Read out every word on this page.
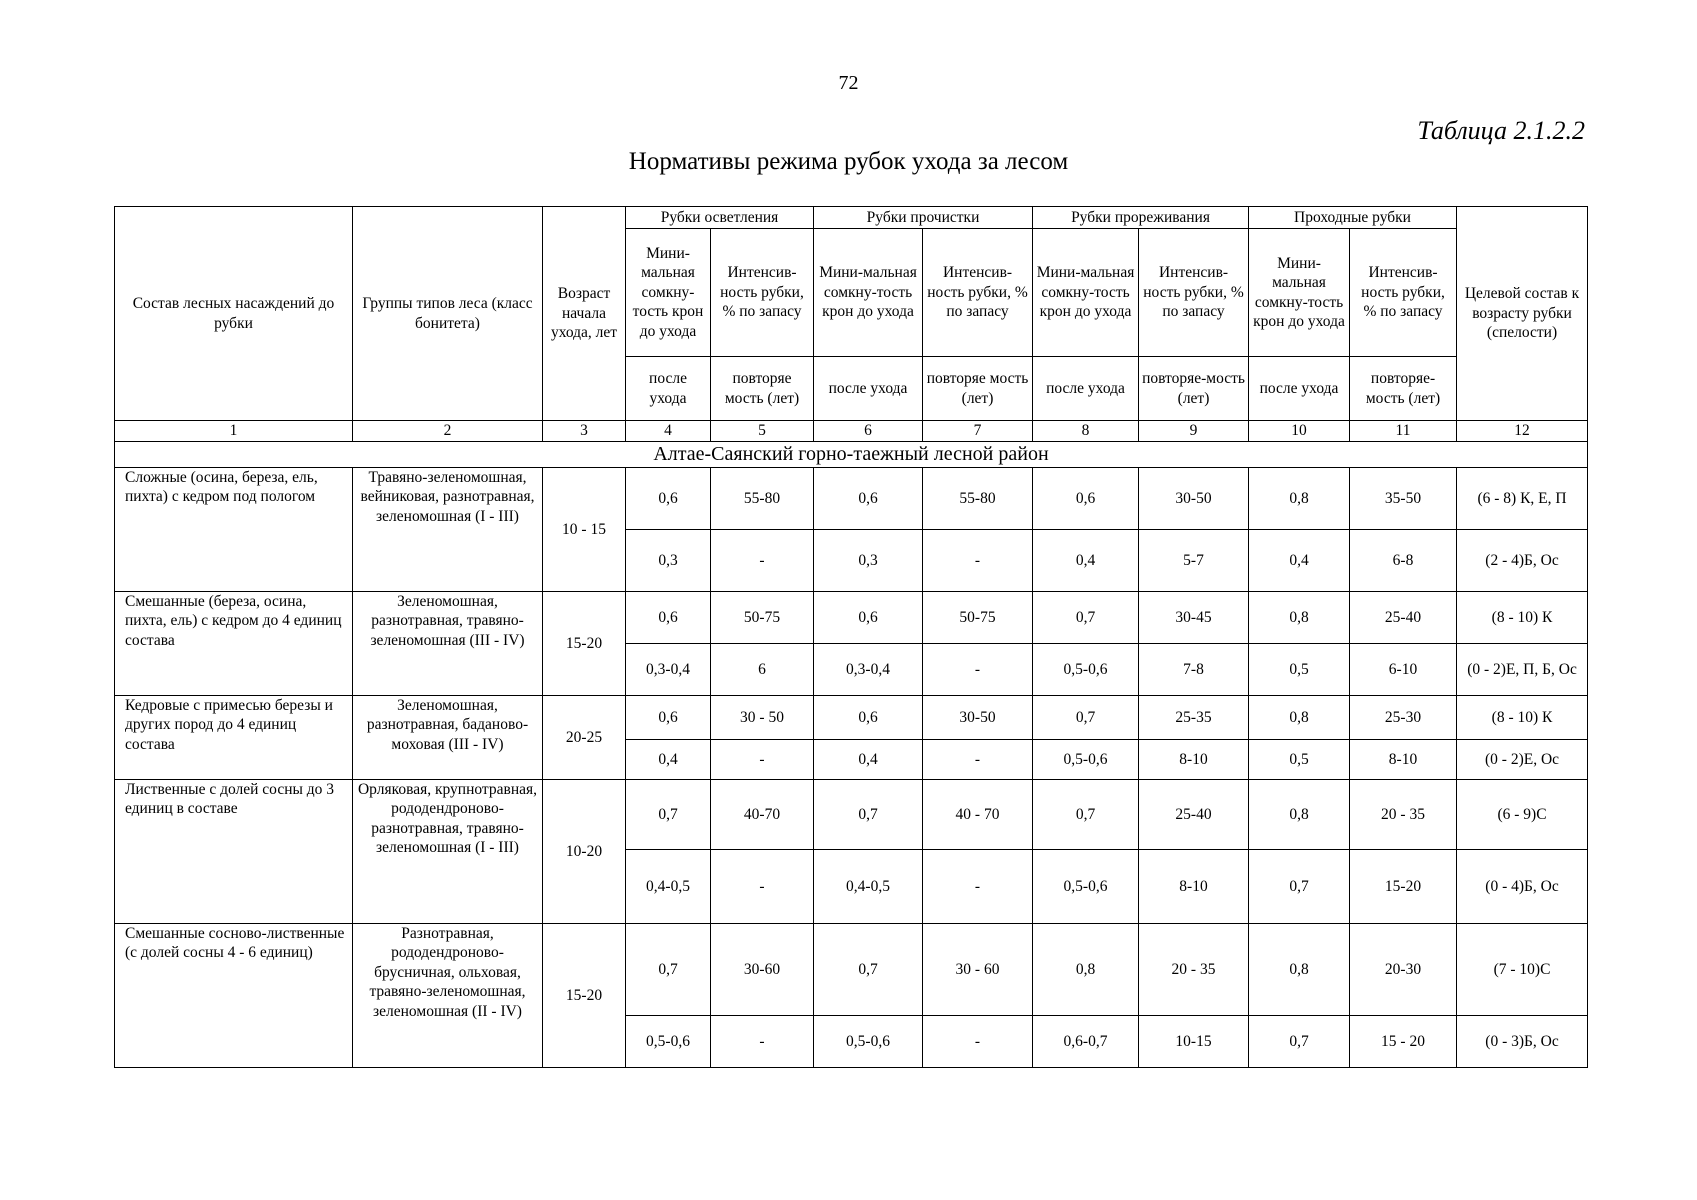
72
Таблица 2.1.2.2
Нормативы режима рубок ухода за лесом
Состав лесных насаждений до рубки	Группы типов леса (класс бонитета)	Возраст начала ухода, лет	Рубки осветления		Рубки прочистки		Рубки прореживания		Проходные рубки		Целевой состав к возрасту рубки (спелости)
			Мини-мальная сомкну-тость крон до ухода	Интенсив-ность рубки, % по запасу	Мини-мальная сомкну-тость крон до ухода	Интенсив-ность рубки, % по запасу	Мини-мальная сомкну-тость крон до ухода	Интенсив-ность рубки, % по запасу	Мини-мальная сомкну-тость крон до ухода	Интенсив-ность рубки, % по запасу	
			после ухода	повторяе мость (лет)	после ухода	повторяе мость (лет)	после ухода	повторяе-мость (лет)	после ухода	повторяе-мость (лет)	
1	2	3	4	5	6	7	8	9	10	11	12
Алтае-Саянский горно-таежный лесной район											
Сложные (осина, береза, ель, пихта) с кедром под пологом	Травяно-зеленомошная, вейниковая, разнотравная, зеленомошная (I - III)	10 - 15	0,6	55-80	0,6	55-80	0,6	30-50	0,8	35-50	(6 - 8) К, Е, П
			0,3	-	0,3	-	0,4	5-7	0,4	6-8	(2 - 4)Б, Ос
Смешанные (береза, осина, пихта, ель) с кедром до 4 единиц состава	Зеленомошная, разнотравная, травяно-зеленомошная (III - IV)	15-20	0,6	50-75	0,6	50-75	0,7	30-45	0,8	25-40	(8 - 10) К
			0,3-0,4	6	0,3-0,4	-	0,5-0,6	7-8	0,5	6-10	(0 - 2)Е, П, Б, Ос
Кедровые с примесью березы и других пород до 4 единиц состава	Зеленомошная, разнотравная, бадановo-моховая (III - IV)	20-25	0,6	30 - 50	0,6	30-50	0,7	25-35	0,8	25-30	(8 - 10) К
			0,4	-	0,4	-	0,5-0,6	8-10	0,5	8-10	(0 - 2)Е, Ос
Лиственные с долей сосны до 3 единиц в составе	Орляковая, крупнотравная, рододендроново-разнотравная, травяно-зеленомошная (I - III)	10-20	0,7	40-70	0,7	40 - 70	0,7	25-40	0,8	20 - 35	(6 - 9)С
			0,4-0,5	-	0,4-0,5	-	0,5-0,6	8-10	0,7	15-20	(0 - 4)Б, Ос
Смешанные сосново-лиственные (с долей сосны 4 - 6 единиц)	Разнотравная, рододендроново-брусничная, ольховая, травяно-зеленомошная, зеленомошная (II - IV)	15-20	0,7	30-60	0,7	30 - 60	0,8	20 - 35	0,8	20-30	(7 - 10)С
			0,5-0,6	-	0,5-0,6	-	0,6-0,7	10-15	0,7	15 - 20	(0 - 3)Б, Ос
